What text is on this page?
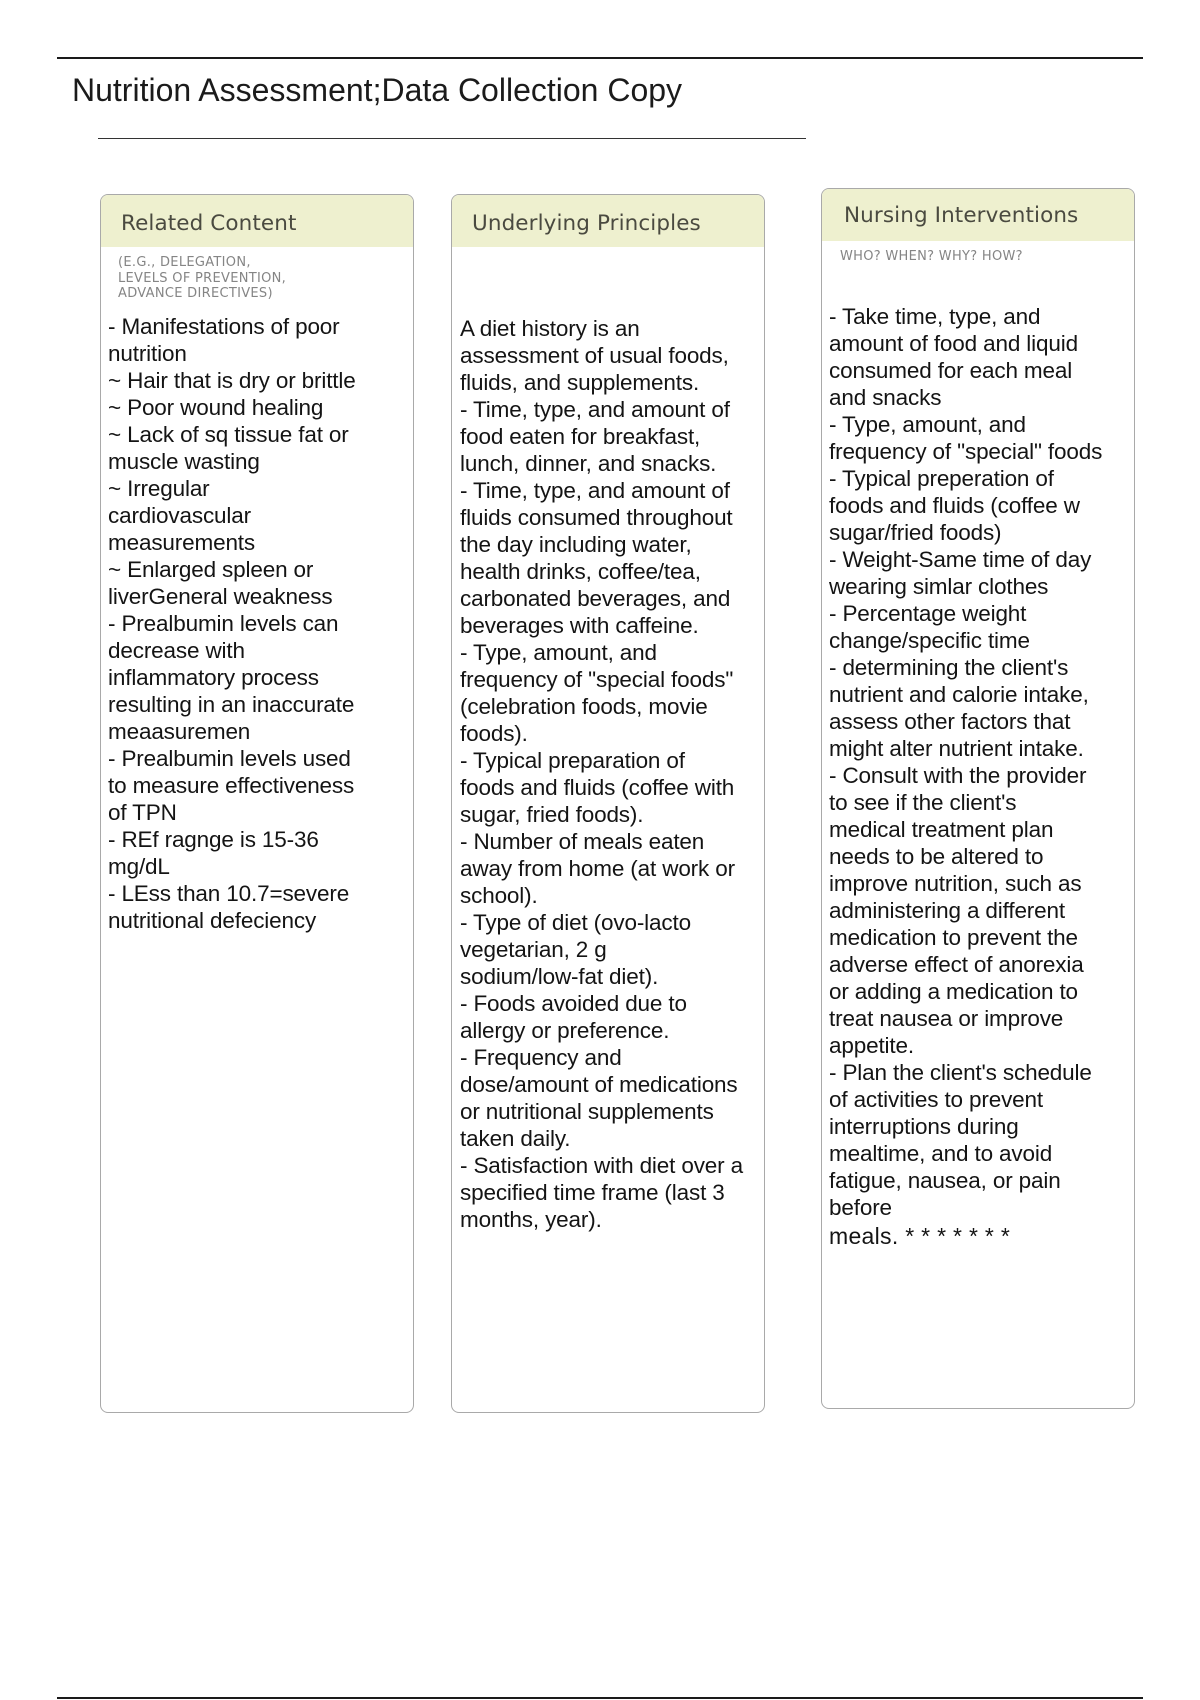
Nutrition Assessment;Data Collection Copy
Related Content
(E.G., DELEGATION,
LEVELS OF PREVENTION,
ADVANCE DIRECTIVES)
- Manifestations of poor
nutrition
~ Hair that is dry or brittle
~ Poor wound healing
~ Lack of sq tissue fat or
muscle wasting
~ Irregular
cardiovascular
measurements
~ Enlarged spleen or
liverGeneral weakness
- Prealbumin levels can
decrease with
inflammatory process
resulting in an inaccurate
meaasuremen
- Prealbumin levels used
to measure effectiveness
of TPN
- REf ragnge is 15-36
mg/dL
- LEss than 10.7=severe
nutritional defeciency
Underlying Principles
A diet history is an
assessment of usual foods,
fluids, and supplements.
- Time, type, and amount of
food eaten for breakfast,
lunch, dinner, and snacks.
- Time, type, and amount of
fluids consumed throughout
the day including water,
health drinks, coffee/tea,
carbonated beverages, and
beverages with caffeine.
- Type, amount, and
frequency of "special foods"
(celebration foods, movie
foods).
- Typical preparation of
foods and fluids (coffee with
sugar, fried foods).
- Number of meals eaten
away from home (at work or
school).
- Type of diet (ovo-lacto
vegetarian, 2 g
sodium/low-fat diet).
- Foods avoided due to
allergy or preference.
- Frequency and
dose/amount of medications
or nutritional supplements
taken daily.
- Satisfaction with diet over a
specified time frame (last 3
months, year).
Nursing Interventions
WHO? WHEN? WHY? HOW?
- Take time, type, and
amount of food and liquid
consumed for each meal
and snacks
- Type, amount, and
frequency of "special" foods
- Typical preperation of
foods and fluids (coffee w
sugar/fried foods)
- Weight-Same time of day
wearing simlar clothes
- Percentage weight
change/specific time
- determining the client's
nutrient and calorie intake,
assess other factors that
might alter nutrient intake.
- Consult with the provider
to see if the client's
medical treatment plan
needs to be altered to
improve nutrition, such as
administering a different
medication to prevent the
adverse effect of anorexia
or adding a medication to
treat nausea or improve
appetite.
- Plan the client's schedule
of activities to prevent
interruptions during
mealtime, and to avoid
fatigue, nausea, or pain
before
meals. * * * * * * *
